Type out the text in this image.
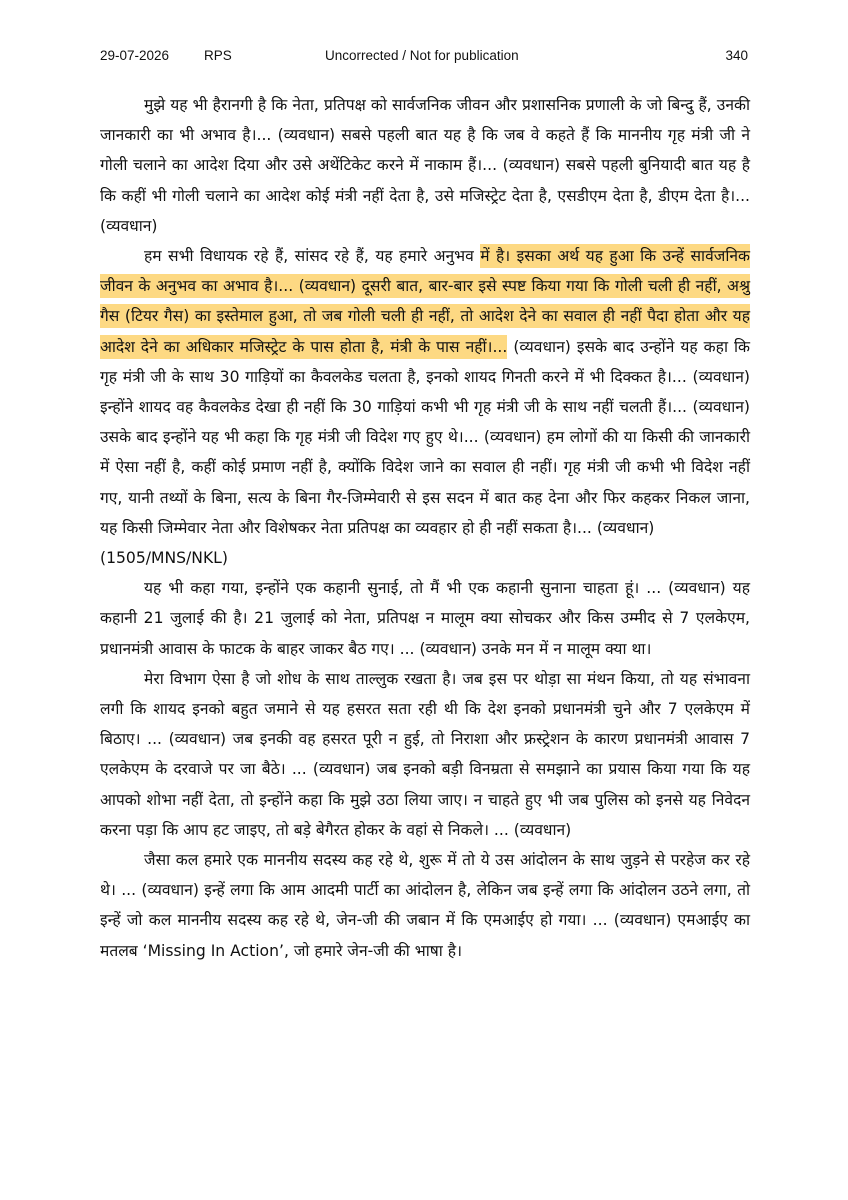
29-07-2026	RPS	Uncorrected / Not for publication	340

मुझे यह भी हैरानगी है कि नेता, प्रतिपक्ष को सार्वजनिक जीवन और प्रशासनिक प्रणाली के जो बिन्दु हैं, उनकी जानकारी का भी अभाव है।... (व्यवधान) सबसे पहली बात यह है कि जब वे कहते हैं कि माननीय गृह मंत्री जी ने गोली चलाने का आदेश दिया और उसे अथेंटिकेट करने में नाकाम हैं।... (व्यवधान) सबसे पहली बुनियादी बात यह है कि कहीं भी गोली चलाने का आदेश कोई मंत्री नहीं देता है, उसे मजिस्ट्रेट देता है, एसडीएम देता है, डीएम देता है।... (व्यवधान)

हम सभी विधायक रहे हैं, सांसद रहे हैं, यह हमारे अनुभव में है। इसका अर्थ यह हुआ कि उन्हें सार्वजनिक जीवन के अनुभव का अभाव है।... (व्यवधान) दूसरी बात, बार-बार इसे स्पष्ट किया गया कि गोली चली ही नहीं, अश्रु गैस (टियर गैस) का इस्तेमाल हुआ, तो जब गोली चली ही नहीं, तो आदेश देने का सवाल ही नहीं पैदा होता और यह आदेश देने का अधिकार मजिस्ट्रेट के पास होता है, मंत्री के पास नहीं।... (व्यवधान) इसके बाद उन्होंने यह कहा कि गृह मंत्री जी के साथ 30 गाड़ियों का कैवलकेड चलता है, इनको शायद गिनती करने में भी दिक्कत है।... (व्यवधान) इन्होंने शायद वह कैवलकेड देखा ही नहीं कि 30 गाड़ियां कभी भी गृह मंत्री जी के साथ नहीं चलती हैं।... (व्यवधान) उसके बाद इन्होंने यह भी कहा कि गृह मंत्री जी विदेश गए हुए थे।... (व्यवधान) हम लोगों की या किसी की जानकारी में ऐसा नहीं है, कहीं कोई प्रमाण नहीं है, क्योंकि विदेश जाने का सवाल ही नहीं। गृह मंत्री जी कभी भी विदेश नहीं गए, यानी तथ्यों के बिना, सत्य के बिना गैर-जिम्मेवारी से इस सदन में बात कह देना और फिर कहकर निकल जाना, यह किसी जिम्मेवार नेता और विशेषकर नेता प्रतिपक्ष का व्यवहार हो ही नहीं सकता है।... (व्यवधान)

(1505/MNS/NKL)

यह भी कहा गया, इन्होंने एक कहानी सुनाई, तो मैं भी एक कहानी सुनाना चाहता हूं। ... (व्यवधान) यह कहानी 21 जुलाई की है। 21 जुलाई को नेता, प्रतिपक्ष न मालूम क्या सोचकर और किस उम्मीद से 7 एलकेएम, प्रधानमंत्री आवास के फाटक के बाहर जाकर बैठ गए। ... (व्यवधान) उनके मन में न मालूम क्या था।

मेरा विभाग ऐसा है जो शोध के साथ ताल्लुक रखता है। जब इस पर थोड़ा सा मंथन किया, तो यह संभावना लगी कि शायद इनको बहुत जमाने से यह हसरत सता रही थी कि देश इनको प्रधानमंत्री चुने और 7 एलकेएम में बिठाए। ... (व्यवधान) जब इनकी वह हसरत पूरी न हुई, तो निराशा और फ्रस्ट्रेशन के कारण प्रधानमंत्री आवास 7 एलकेएम के दरवाजे पर जा बैठे। ... (व्यवधान) जब इनको बड़ी विनम्रता से समझाने का प्रयास किया गया कि यह आपको शोभा नहीं देता, तो इन्होंने कहा कि मुझे उठा लिया जाए। न चाहते हुए भी जब पुलिस को इनसे यह निवेदन करना पड़ा कि आप हट जाइए, तो बड़े बेगैरत होकर के वहां से निकले। ... (व्यवधान)

जैसा कल हमारे एक माननीय सदस्य कह रहे थे, शुरू में तो ये उस आंदोलन के साथ जुड़ने से परहेज कर रहे थे। ... (व्यवधान) इन्हें लगा कि आम आदमी पार्टी का आंदोलन है, लेकिन जब इन्हें लगा कि आंदोलन उठने लगा, तो इन्हें जो कल माननीय सदस्य कह रहे थे, जेन-जी की जबान में कि एमआईए हो गया। ... (व्यवधान) एमआईए का मतलब ‘Missing In Action’, जो हमारे जेन-जी की भाषा है।
